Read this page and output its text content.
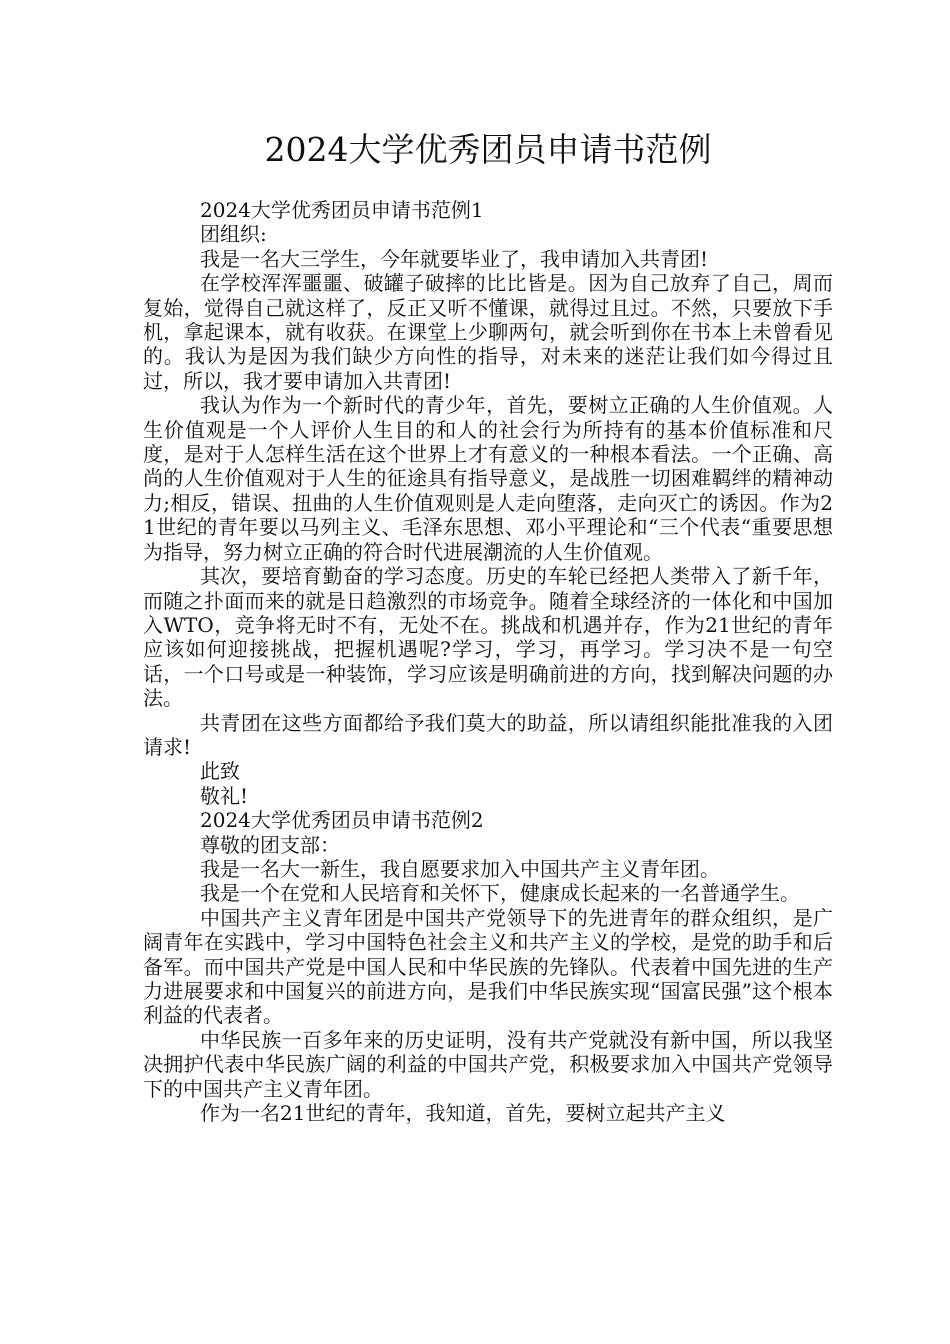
2024大学优秀团员申请书范例

2024大学优秀团员申请书范例1

团组织:

我是一名大三学生，今年就要毕业了，我申请加入共青团!

在学校浑浑噩噩、破罐子破摔的比比皆是。因为自己放弃了自己，周而复始，觉得自己就这样了，反正又听不懂课，就得过且过。不然，只要放下手机，拿起课本，就有收获。在课堂上少聊两句，就会听到你在书本上未曾看见的。我认为是因为我们缺少方向性的指导，对未来的迷茫让我们如今得过且过，所以，我才要申请加入共青团!

我认为作为一个新时代的青少年，首先，要树立正确的人生价值观。人生价值观是一个人评价人生目的和人的社会行为所持有的基本价值标准和尺度，是对于人怎样生活在这个世界上才有意义的一种根本看法。一个正确、高尚的人生价值观对于人生的征途具有指导意义，是战胜一切困难羁绊的精神动力;相反，错误、扭曲的人生价值观则是人走向堕落，走向灭亡的诱因。作为21世纪的青年要以马列主义、毛泽东思想、邓小平理论和“三个代表“重要思想为指导，努力树立正确的符合时代进展潮流的人生价值观。

其次，要培育勤奋的学习态度。历史的车轮已经把人类带入了新千年，而随之扑面而来的就是日趋激烈的市场竞争。随着全球经济的一体化和中国加入WTO，竞争将无时不有，无处不在。挑战和机遇并存，作为21世纪的青年应该如何迎接挑战，把握机遇呢?学习，学习，再学习。学习决不是一句空话，一个口号或是一种装饰，学习应该是明确前进的方向，找到解决问题的办法。

共青团在这些方面都给予我们莫大的助益，所以请组织能批准我的入团请求!

此致

敬礼!

2024大学优秀团员申请书范例2

尊敬的团支部：

我是一名大一新生，我自愿要求加入中国共产主义青年团。

我是一个在党和人民培育和关怀下，健康成长起来的一名普通学生。

中国共产主义青年团是中国共产党领导下的先进青年的群众组织，是广阔青年在实践中，学习中国特色社会主义和共产主义的学校，是党的助手和后备军。而中国共产党是中国人民和中华民族的先锋队。代表着中国先进的生产力进展要求和中国复兴的前进方向，是我们中华民族实现“国富民强”这个根本利益的代表者。

中华民族一百多年来的历史证明，没有共产党就没有新中国，所以我坚决拥护代表中华民族广阔的利益的中国共产党，积极要求加入中国共产党领导下的中国共产主义青年团。

作为一名21世纪的青年，我知道，首先，要树立起共产主义
